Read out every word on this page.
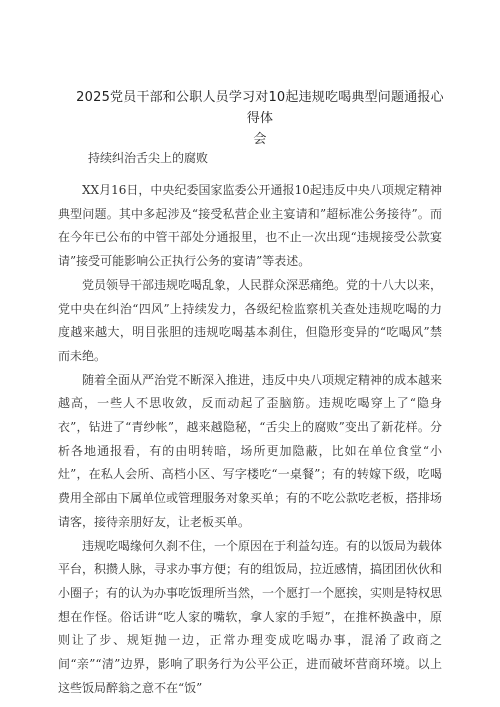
2025党员干部和公职人员学习对10起违规吃喝典型问题通报心得体
会
持续纠治舌尖上的腐败

XX月16日，中央纪委国家监委公开通报10起违反中央八项规定精神典型问题。其中多起涉及“接受私营企业主宴请和”超标准公务接待”。而在今年已公布的中管干部处分通报里，也不止一次出现“违规接受公款宴请”接受可能影响公正执行公务的宴请”等表述。

党员领导干部违规吃喝乱象，人民群众深恶痛绝。党的十八大以来，党中央在纠治“四风”上持续发力，各级纪检监察机关查处违规吃喝的力度越来越大，明目张胆的违规吃喝基本刹住，但隐形变异的“吃喝风”禁而未绝。

随着全面从严治党不断深入推进，违反中央八项规定精神的成本越来越高，一些人不思收敛，反而动起了歪脑筋。违规吃喝穿上了“隐身衣”，钻进了“青纱帐”，越来越隐秘，“舌尖上的腐败”变出了新花样。分析各地通报看，有的由明转暗，场所更加隐蔽，比如在单位食堂“小灶”，在私人会所、高档小区、写字楼吃“一桌餐”；有的转嫁下级，吃喝费用全部由下属单位或管理服务对象买单；有的不吃公款吃老板，搭排场请客，接待亲朋好友，让老板买单。

违规吃喝缘何久刹不住，一个原因在于利益勾连。有的以饭局为载体平台，积攒人脉，寻求办事方便；有的组饭局，拉近感情，搞团团伙伙和小圈子；有的认为办事吃饭理所当然，一个愿打一个愿挨，实则是特权思想在作怪。俗话讲“吃人家的嘴软，拿人家的手短”，在推杯换盏中，原则让了步、规矩抛一边，正常办理变成吃喝办事，混淆了政商之间“亲”“清”边界，影响了职务行为公平公正，进而破坏营商环境。以上这些饭局醉翁之意不在“饭”
